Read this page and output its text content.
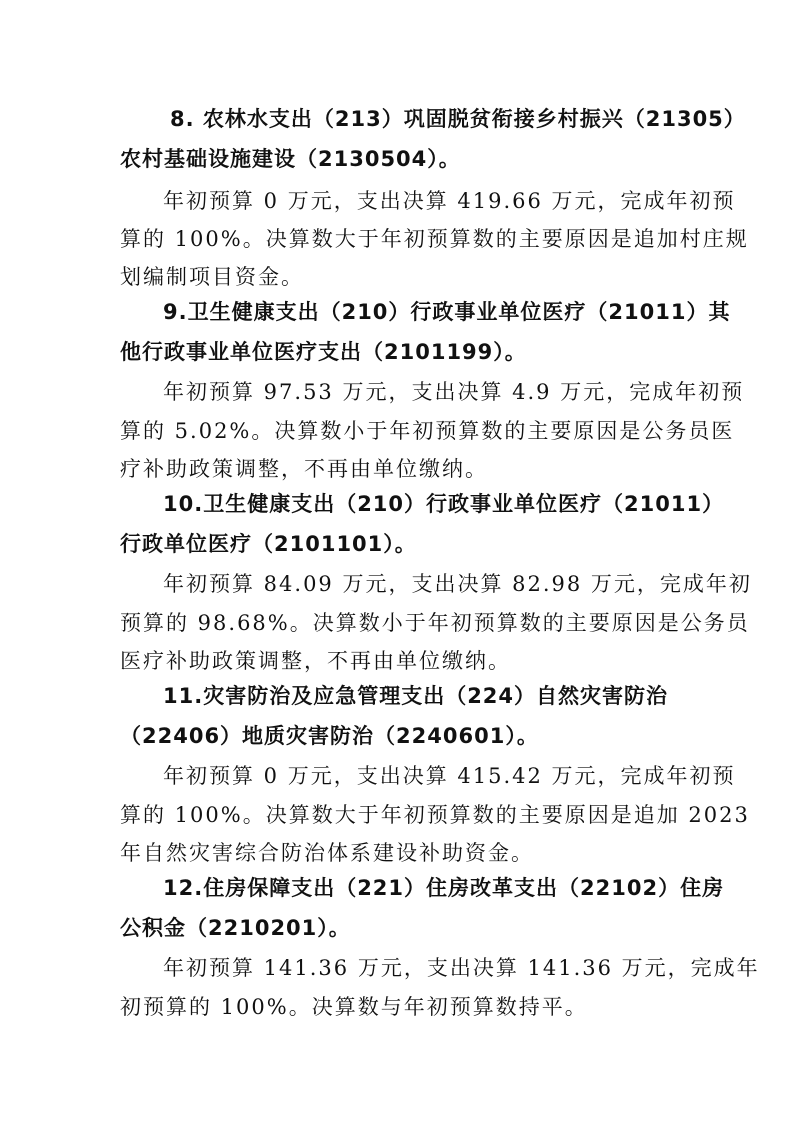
8. 农林水支出（213）巩固脱贫衔接乡村振兴（21305）
农村基础设施建设（2130504）。
年初预算 0 万元，支出决算 419.66 万元，完成年初预
算的 100%。决算数大于年初预算数的主要原因是追加村庄规
划编制项目资金。
9.卫生健康支出（210）行政事业单位医疗（21011）其
他行政事业单位医疗支出（2101199）。
年初预算 97.53 万元，支出决算 4.9 万元，完成年初预
算的 5.02%。决算数小于年初预算数的主要原因是公务员医
疗补助政策调整，不再由单位缴纳。
10.卫生健康支出（210）行政事业单位医疗（21011）
行政单位医疗（2101101）。
年初预算 84.09 万元，支出决算 82.98 万元，完成年初
预算的 98.68%。决算数小于年初预算数的主要原因是公务员
医疗补助政策调整，不再由单位缴纳。
11.灾害防治及应急管理支出（224）自然灾害防治
（22406）地质灾害防治（2240601）。
年初预算 0 万元，支出决算 415.42 万元，完成年初预
算的 100%。决算数大于年初预算数的主要原因是追加 2023
年自然灾害综合防治体系建设补助资金。
12.住房保障支出（221）住房改革支出（22102）住房
公积金（2210201）。
年初预算 141.36 万元，支出决算 141.36 万元，完成年
初预算的 100%。决算数与年初预算数持平。
